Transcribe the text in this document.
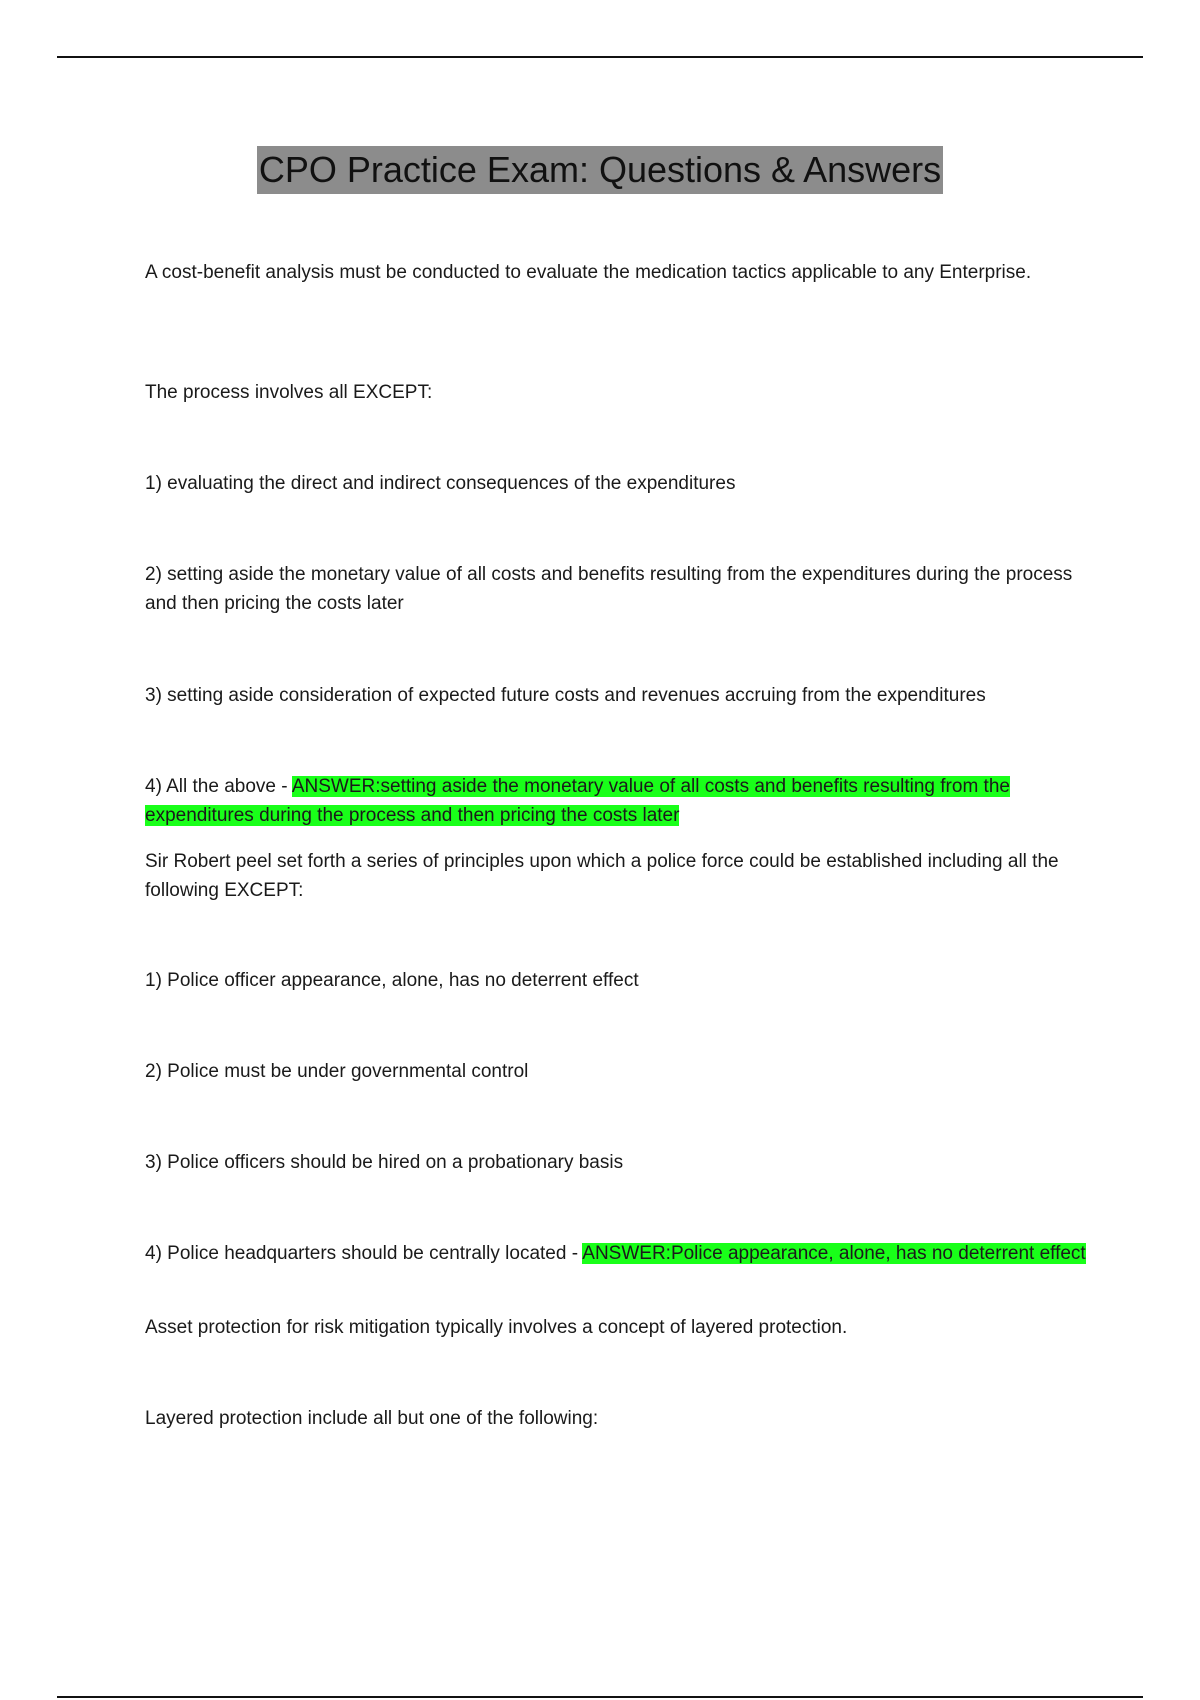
CPO Practice Exam: Questions & Answers

A cost-benefit analysis must be conducted to evaluate the medication tactics applicable to any Enterprise.

The process involves all EXCEPT:

1) evaluating the direct and indirect consequences of the expenditures

2) setting aside the monetary value of all costs and benefits resulting from the expenditures during the process and then pricing the costs later

3) setting aside consideration of expected future costs and revenues accruing from the expenditures

4) All the above - ANSWER:setting aside the monetary value of all costs and benefits resulting from the expenditures during the process and then pricing the costs later

Sir Robert peel set forth a series of principles upon which a police force could be established including all the following EXCEPT:

1) Police officer appearance, alone, has no deterrent effect

2) Police must be under governmental control

3) Police officers should be hired on a probationary basis

4) Police headquarters should be centrally located - ANSWER:Police appearance, alone, has no deterrent effect

Asset protection for risk mitigation typically involves a concept of layered protection.

Layered protection include all but one of the following:
